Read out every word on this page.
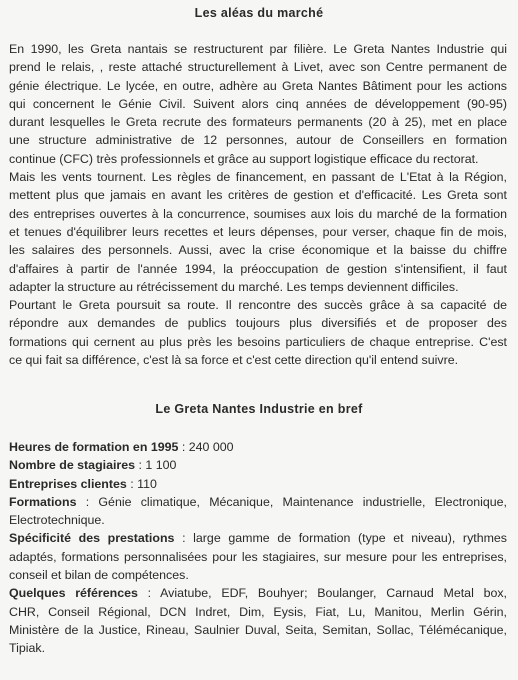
Les aléas du marché
En 1990, les Greta nantais se restructurent par filière. Le Greta Nantes Industrie qui
prend le relais, , reste attaché structurellement à Livet, avec son Centre permanent de
génie électrique. Le lycée, en outre, adhère au Greta Nantes Bâtiment pour les actions
qui concernent le Génie Civil. Suivent alors cinq années de développement (90-95)
durant lesquelles le Greta recrute des formateurs permanents (20 à 25), met en place
une structure administrative de 12 personnes, autour de Conseillers en formation
continue (CFC) très professionnels et grâce au support logistique efficace du rectorat.
Mais les vents tournent. Les règles de financement, en passant de L'Etat à la Région,
mettent plus que jamais en avant les critères de gestion et d'efficacité. Les Greta sont
des entreprises ouvertes à la concurrence, soumises aux lois du marché de la formation
et tenues d'équilibrer leurs recettes et leurs dépenses, pour verser, chaque fin de mois,
les salaires des personnels. Aussi, avec la crise économique et la baisse du chiffre
d'affaires à partir de l'année 1994, la préoccupation de gestion s'intensifient, il faut
adapter la structure au rétrécissement du marché. Les temps deviennent difficiles.
Pourtant le Greta poursuit sa route. Il rencontre des succès grâce à sa capacité de
répondre aux demandes de publics toujours plus diversifiés et de proposer des
formations qui cernent au plus près les besoins particuliers de chaque entreprise. C'est
ce qui fait sa différence, c'est là sa force et c'est cette direction qu'il entend suivre.
Le Greta Nantes Industrie en bref
Heures de formation en 1995 : 240 000
Nombre de stagiaires : 1 100
Entreprises clientes : 110
Formations : Génie climatique, Mécanique, Maintenance industrielle, Electronique,
Electrotechnique.
Spécificité des prestations : large gamme de formation (type et niveau), rythmes
adaptés, formations personnalisées pour les stagiaires, sur mesure pour les entreprises,
conseil et bilan de compétences.
Quelques références : Aviatube, EDF, Bouhyer; Boulanger, Carnaud Metal box,
CHR, Conseil Régional, DCN Indret, Dim, Eysis, Fiat, Lu, Manitou, Merlin Gérin,
Ministère de la Justice, Rineau, Saulnier Duval, Seita, Semitan, Sollac, Télémécanique,
Tipiak.
